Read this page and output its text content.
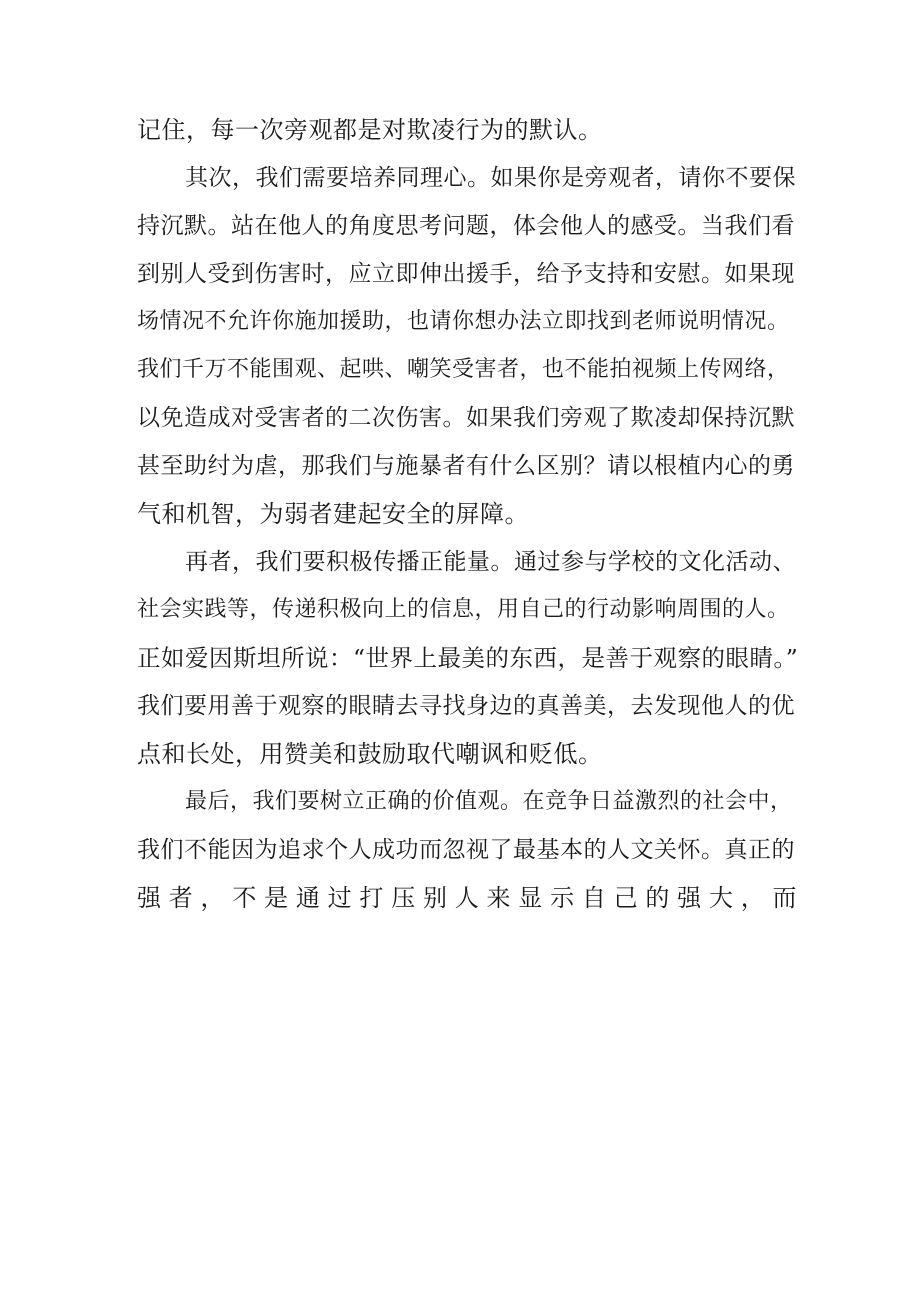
记住，每一次旁观都是对欺凌行为的默认。
其次，我们需要培养同理心。如果你是旁观者，请你不要保
持沉默。站在他人的角度思考问题，体会他人的感受。当我们看
到别人受到伤害时，应立即伸出援手，给予支持和安慰。如果现
场情况不允许你施加援助，也请你想办法立即找到老师说明情况。
我们千万不能围观、起哄、嘲笑受害者，也不能拍视频上传网络，
以免造成对受害者的二次伤害。如果我们旁观了欺凌却保持沉默
甚至助纣为虐，那我们与施暴者有什么区别？请以根植内心的勇
气和机智，为弱者建起安全的屏障。
再者，我们要积极传播正能量。通过参与学校的文化活动、
社会实践等，传递积极向上的信息，用自己的行动影响周围的人。
正如爱因斯坦所说：“世界上最美的东西，是善于观察的眼睛。”
我们要用善于观察的眼睛去寻找身边的真善美，去发现他人的优
点和长处，用赞美和鼓励取代嘲讽和贬低。
最后，我们要树立正确的价值观。在竞争日益激烈的社会中，
我们不能因为追求个人成功而忽视了最基本的人文关怀。真正的
强者，不是通过打压别人来显示自己的强大，而
